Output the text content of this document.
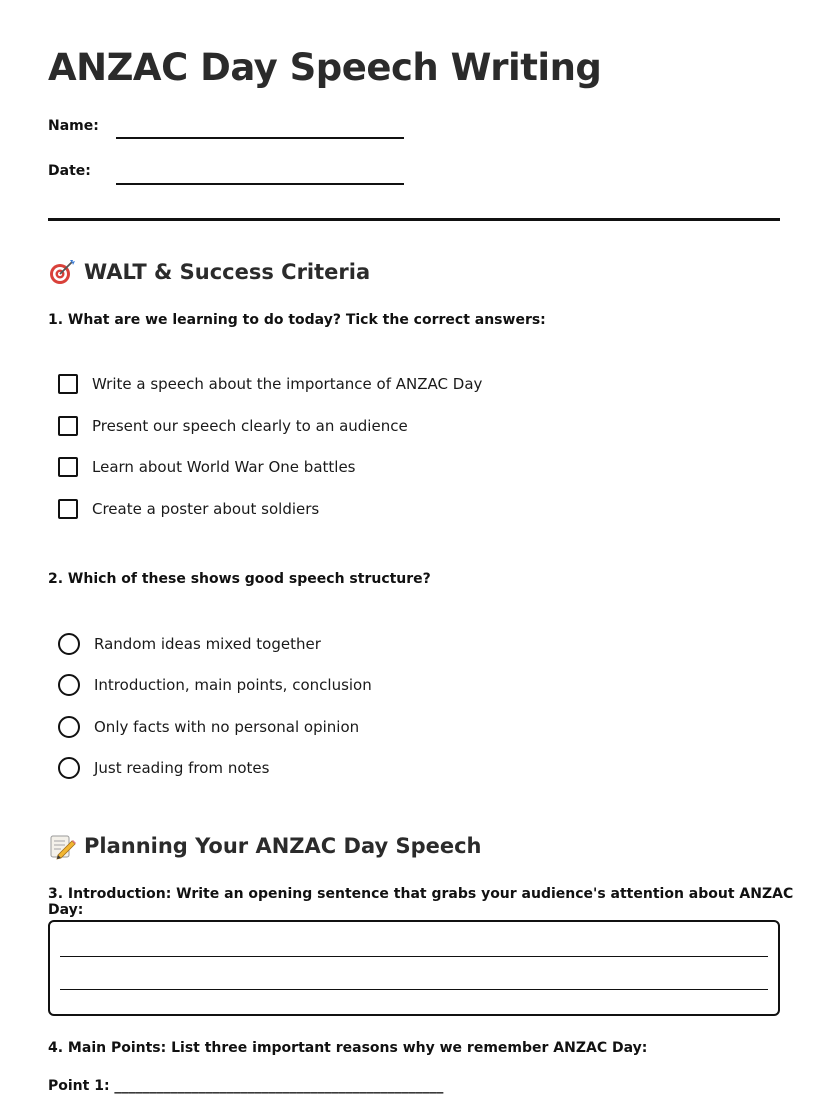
ANZAC Day Speech Writing
Name:
Date:
WALT & Success Criteria

1. What are we learning to do today? Tick the correct answers:

Write a speech about the importance of ANZAC Day
Present our speech clearly to an audience
Learn about World War One battles
Create a poster about soldiers

2. Which of these shows good speech structure?

Random ideas mixed together
Introduction, main points, conclusion
Only facts with no personal opinion
Just reading from notes
Planning Your ANZAC Day Speech

3. Introduction: Write an opening sentence that grabs your audience's attention about ANZAC Day:

4. Main Points: List three important reasons why we remember ANZAC Day:

Point 1: _______________________________________________
